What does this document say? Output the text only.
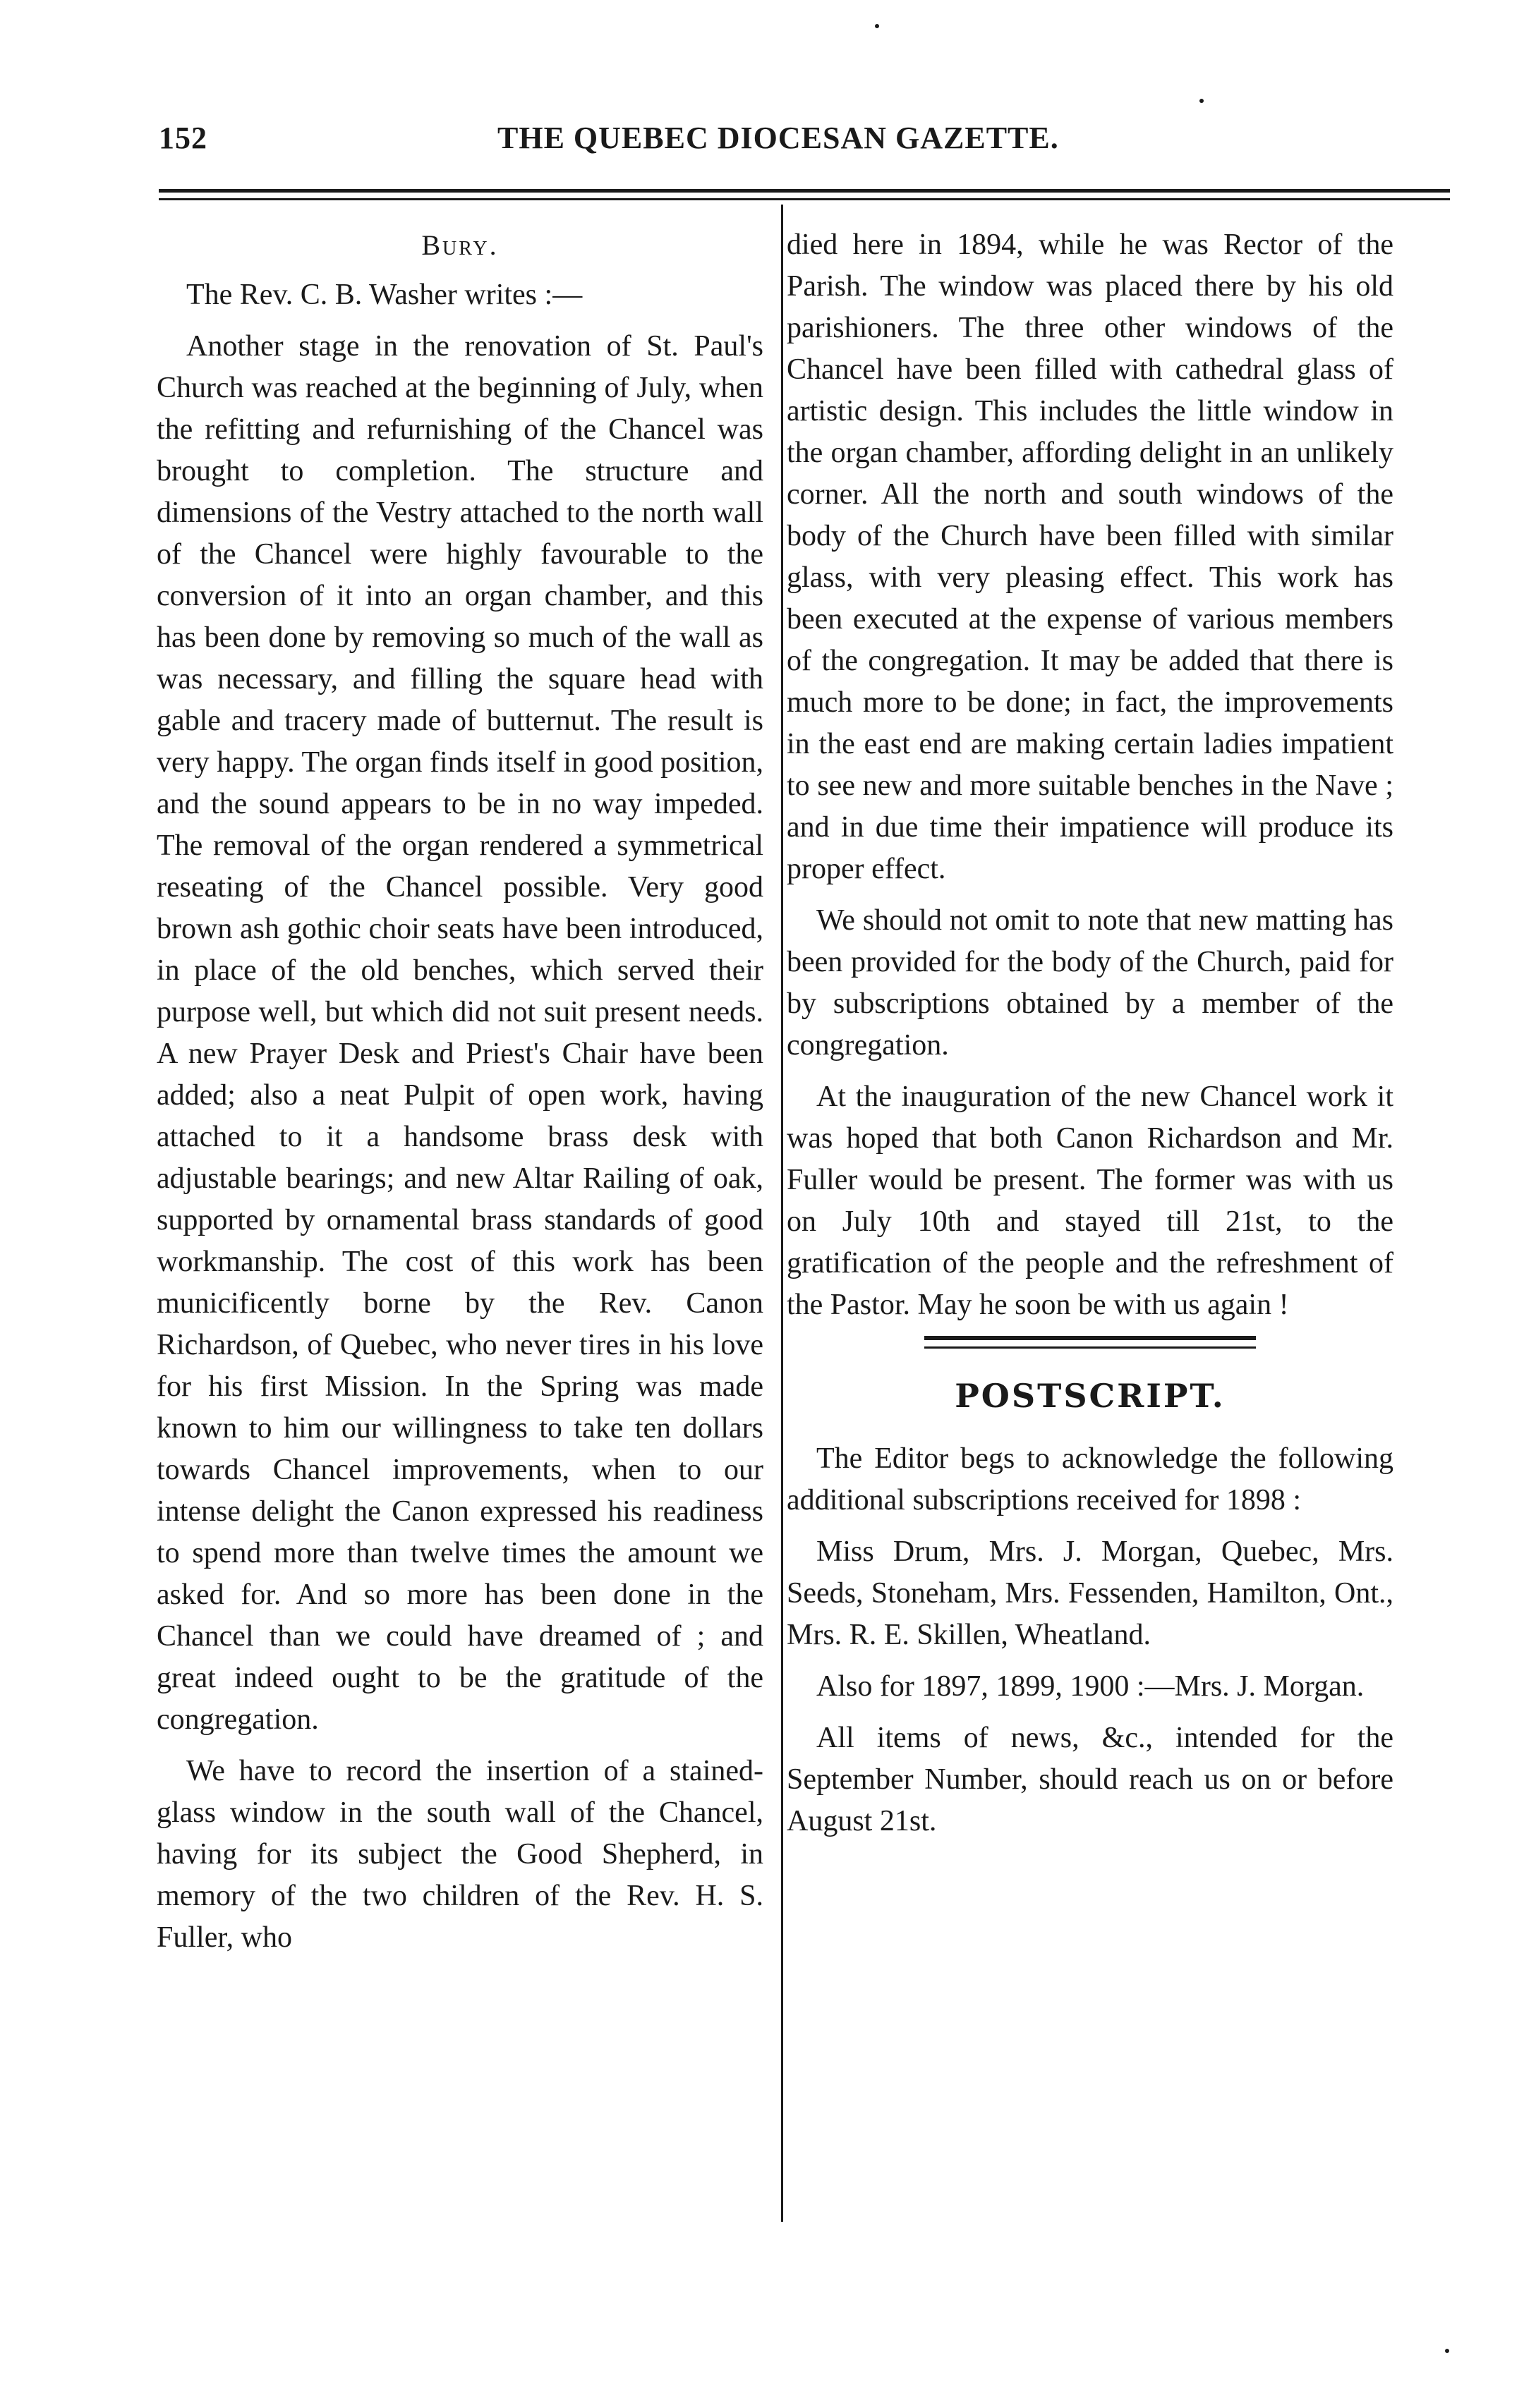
152	THE QUEBEC DIOCESAN GAZETTE.
Bury.

The Rev. C. B. Washer writes :—

Another stage in the renovation of St. Paul's Church was reached at the beginning of July, when the refitting and refurnishing of the Chancel was brought to completion. The structure and dimensions of the Vestry attached to the north wall of the Chancel were highly favourable to the conversion of it into an organ chamber, and this has been done by removing so much of the wall as was necessary, and filling the square head with gable and tracery made of butternut. The result is very happy. The organ finds itself in good position, and the sound appears to be in no way impeded. The removal of the organ rendered a symmetrical reseating of the Chancel possible. Very good brown ash gothic choir seats have been introduced, in place of the old benches, which served their purpose well, but which did not suit present needs. A new Prayer Desk and Priest's Chair have been added; also a neat Pulpit of open work, having attached to it a handsome brass desk with adjustable bearings; and new Altar Railing of oak, supported by ornamental brass standards of good workmanship. The cost of this work has been municificently borne by the Rev. Canon Richardson, of Quebec, who never tires in his love for his first Mission. In the Spring was made known to him our willingness to take ten dollars towards Chancel improvements, when to our intense delight the Canon expressed his readiness to spend more than twelve times the amount we asked for. And so more has been done in the Chancel than we could have dreamed of ; and great indeed ought to be the gratitude of the congregation.

We have to record the insertion of a stained-glass window in the south wall of the Chancel, having for its subject the Good Shepherd, in memory of the two children of the Rev. H. S. Fuller, who

died here in 1894, while he was Rector of the Parish. The window was placed there by his old parishioners. The three other windows of the Chancel have been filled with cathedral glass of artistic design. This includes the little window in the organ chamber, affording delight in an unlikely corner. All the north and south windows of the body of the Church have been filled with similar glass, with very pleasing effect. This work has been executed at the expense of various members of the congregation. It may be added that there is much more to be done; in fact, the improvements in the east end are making certain ladies impatient to see new and more suitable benches in the Nave ; and in due time their impatience will produce its proper effect.

We should not omit to note that new matting has been provided for the body of the Church, paid for by subscriptions obtained by a member of the congregation.

At the inauguration of the new Chancel work it was hoped that both Canon Richardson and Mr. Fuller would be present. The former was with us on July 10th and stayed till 21st, to the gratification of the people and the refreshment of the Pastor. May he soon be with us again !

POSTSCRIPT.

The Editor begs to acknowledge the following additional subscriptions received for 1898 :

Miss Drum, Mrs. J. Morgan, Quebec, Mrs. Seeds, Stoneham, Mrs. Fessenden, Hamilton, Ont., Mrs. R. E. Skillen, Wheatland.

Also for 1897, 1899, 1900 :—Mrs. J. Morgan.

All items of news, &c., intended for the September Number, should reach us on or before August 21st.
